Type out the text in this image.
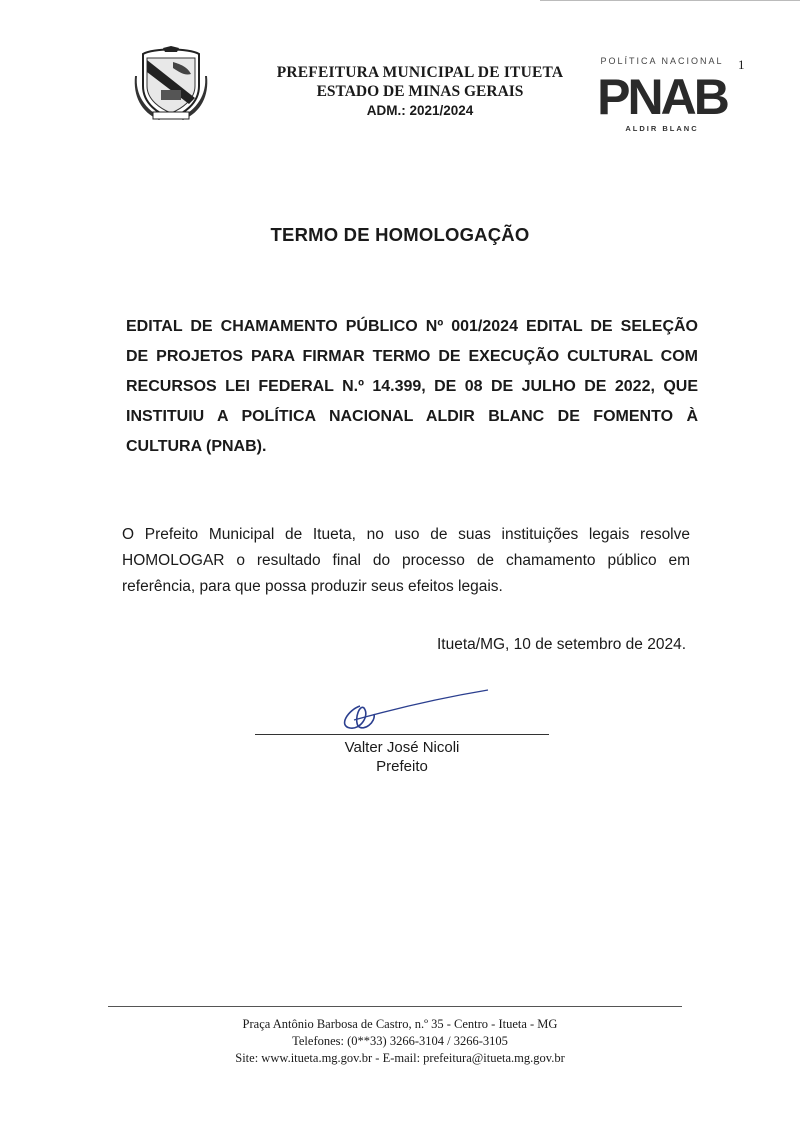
PREFEITURA MUNICIPAL DE ITUETA
ESTADO DE MINAS GERAIS
ADM.: 2021/2024
POLÍTICA NACIONAL
PNAB
ALDIR BLANC
1
TERMO DE HOMOLOGAÇÃO
EDITAL DE CHAMAMENTO PÚBLICO Nº 001/2024 EDITAL DE SELEÇÃO
DE PROJETOS PARA FIRMAR TERMO DE EXECUÇÃO CULTURAL COM
RECURSOS LEI FEDERAL N.º 14.399, DE 08 DE JULHO DE 2022, QUE
INSTITUIU A POLÍTICA NACIONAL ALDIR BLANC DE FOMENTO À
CULTURA (PNAB).
O Prefeito Municipal de Itueta, no uso de suas instituições legais resolve
HOMOLOGAR o resultado final do processo de chamamento público em
referência, para que possa produzir seus efeitos legais.
Itueta/MG, 10 de setembro de 2024.
Valter José Nicoli
Prefeito
Praça Antônio Barbosa de Castro, n.º 35 - Centro - Itueta - MG
Telefones: (0**33) 3266-3104 / 3266-3105
Site: www.itueta.mg.gov.br - E-mail: prefeitura@itueta.mg.gov.br
